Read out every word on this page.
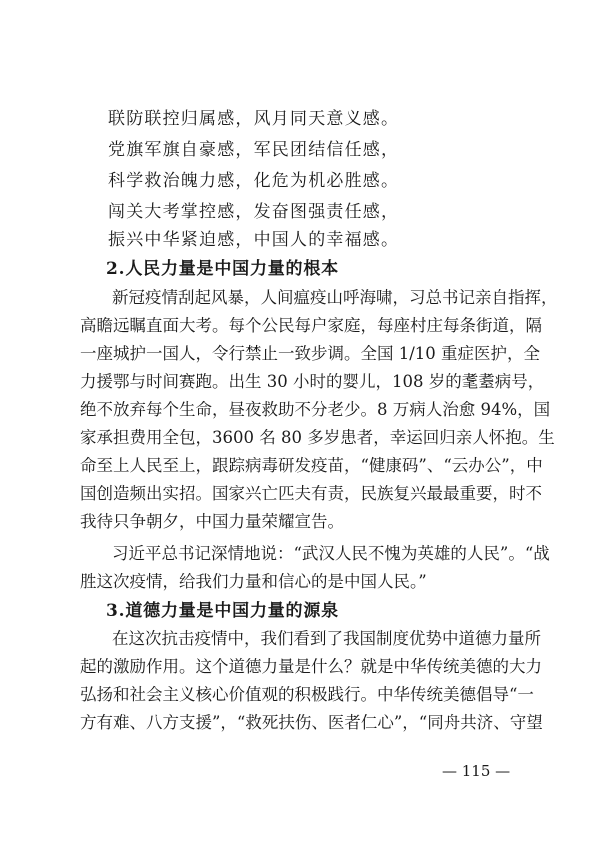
联防联控归属感，风月同天意义感。
党旗军旗自豪感，军民团结信任感，
科学救治魄力感，化危为机必胜感。
闯关大考掌控感，发奋图强责任感，
振兴中华紧迫感，中国人的幸福感。
2.人民力量是中国力量的根本
新冠疫情刮起风暴，人间瘟疫山呼海啸，习总书记亲自指挥，
高瞻远瞩直面大考。每个公民每户家庭，每座村庄每条街道，隔
一座城护一国人，令行禁止一致步调。全国 1/10 重症医护，全
力援鄂与时间赛跑。出生 30 小时的婴儿，108 岁的耄耋病号，
绝不放弃每个生命，昼夜救助不分老少。8 万病人治愈 94%，国
家承担费用全包，3600 名 80 多岁患者，幸运回归亲人怀抱。生
命至上人民至上，跟踪病毒研发疫苗，“健康码”、“云办公”，中
国创造频出实招。国家兴亡匹夫有责，民族复兴最最重要，时不
我待只争朝夕，中国力量荣耀宣告。
习近平总书记深情地说：“武汉人民不愧为英雄的人民”。“战
胜这次疫情，给我们力量和信心的是中国人民。”
3.道德力量是中国力量的源泉
在这次抗击疫情中，我们看到了我国制度优势中道德力量所
起的激励作用。这个道德力量是什么？就是中华传统美德的大力
弘扬和社会主义核心价值观的积极践行。中华传统美德倡导“一
方有难、八方支援”，“救死扶伤、医者仁心”，“同舟共济、守望
— 115 —
